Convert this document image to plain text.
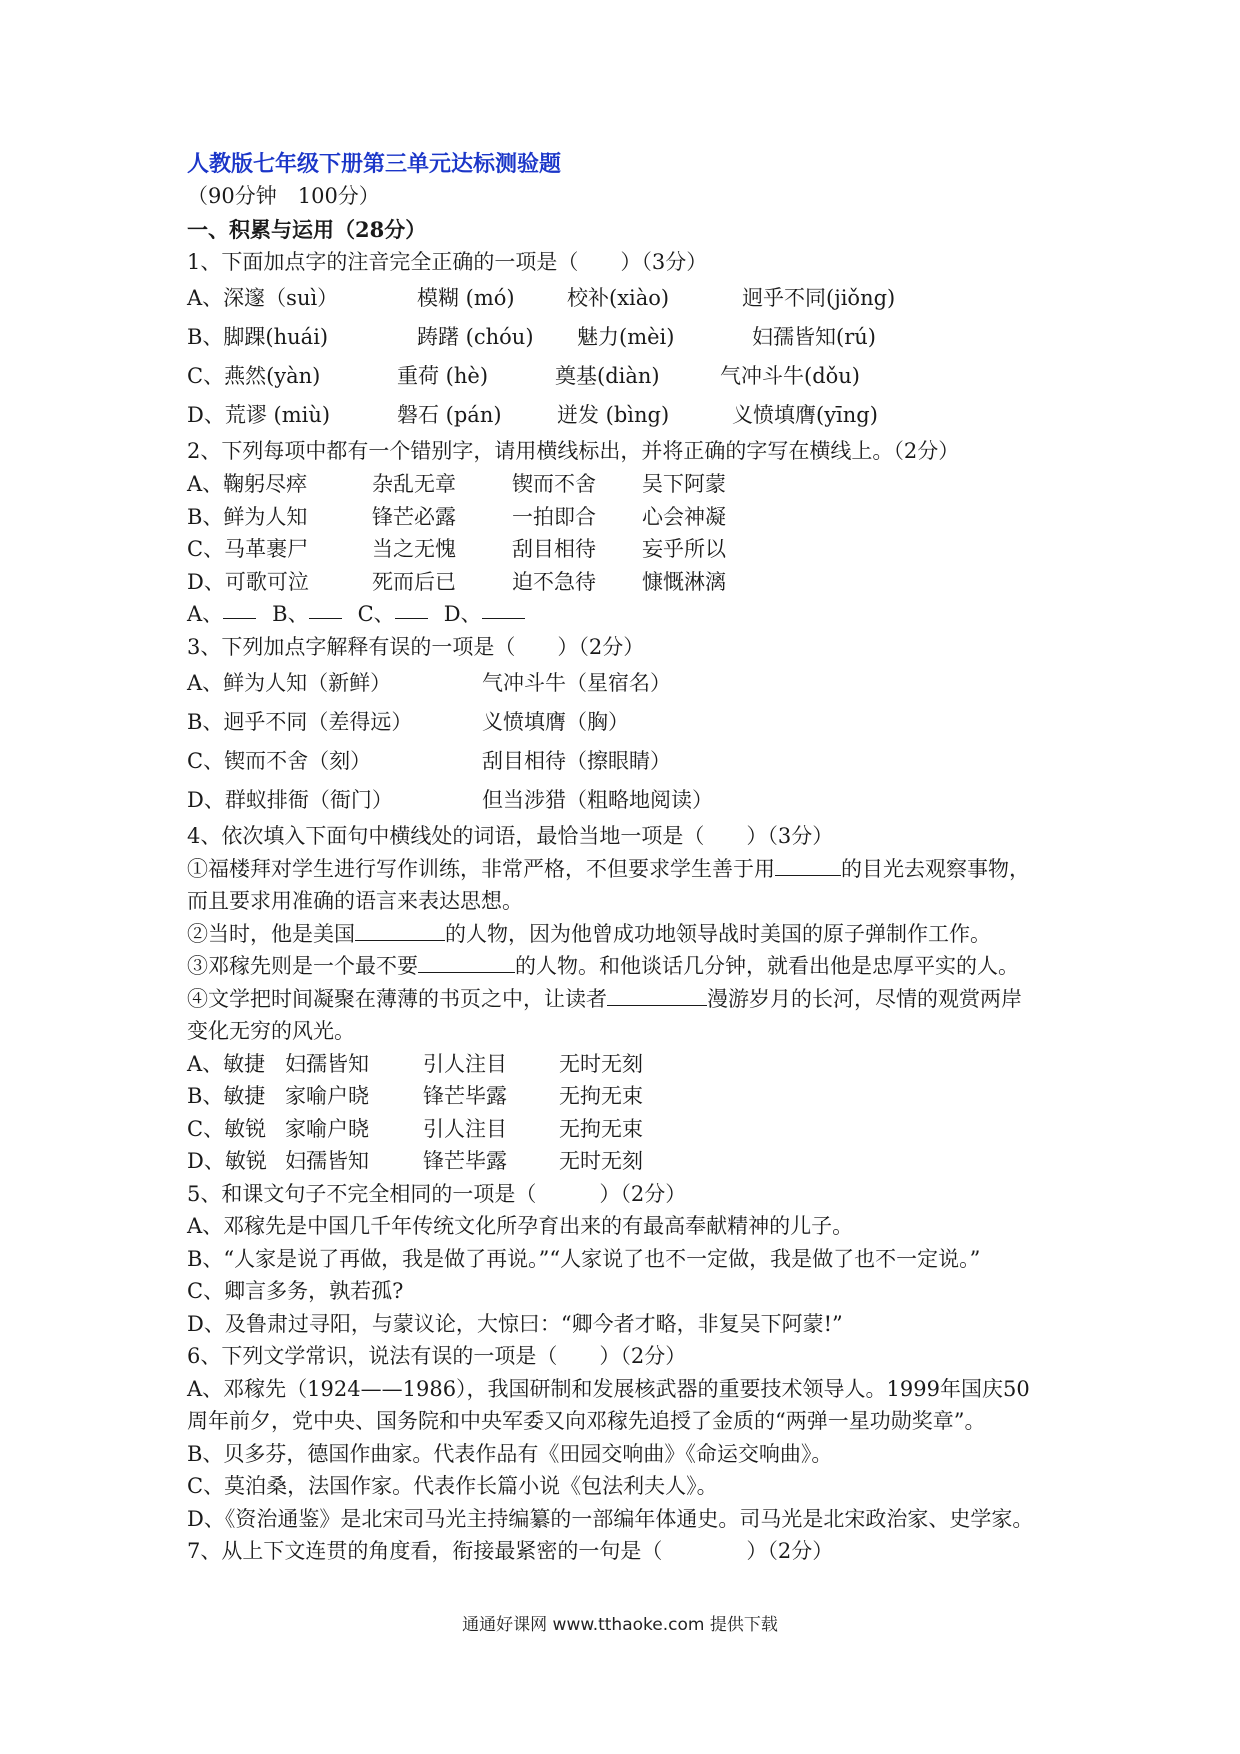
人教版七年级下册第三单元达标测验题
（90分钟　100分）
一、积累与运用（28分）
1、下面加点字的注音完全正确的一项是（　　）（3分）
A、深邃（suì）	模糊 (mó)	校补(xiào)	迥乎不同(jiǒng)
B、脚踝(huái)	踌躇 (chóu)	魅力(mèi)	妇孺皆知(rú)
C、燕然(yàn)	重荷 (hè)	奠基(diàn)	气冲斗牛(dǒu)
D、荒谬 (miù)	磐石 (pán)	迸发 (bìng)	义愤填膺(yīng)
2、下列每项中都有一个错别字，请用横线标出，并将正确的字写在横线上。（2分）
A、鞠躬尽瘁	杂乱无章	锲而不舍	吴下阿蒙
B、鲜为人知	锋芒必露	一拍即合	心会神凝
C、马革裹尸	当之无愧	刮目相待	妄乎所以
D、可歌可泣	死而后已	迫不急待	慷慨淋漓
A、 B、 C、 D、
3、下列加点字解释有误的一项是（　　）（2分）
A、鲜为人知（新鲜）	气冲斗牛（星宿名）
B、迥乎不同（差得远）	义愤填膺（胸）
C、锲而不舍（刻）	刮目相待（擦眼睛）
D、群蚁排衙（衙门）	但当涉猎（粗略地阅读）
4、依次填入下面句中横线处的词语，最恰当地一项是（　　）（3分）
①福楼拜对学生进行写作训练，非常严格，不但要求学生善于用	的目光去观察事物，
而且要求用准确的语言来表达思想。
②当时，他是美国	的人物，因为他曾成功地领导战时美国的原子弹制作工作。
③邓稼先则是一个最不要	的人物。和他谈话几分钟，就看出他是忠厚平实的人。
④文学把时间凝聚在薄薄的书页之中，让读者	漫游岁月的长河，尽情的观赏两岸
变化无穷的风光。
A、敏捷 妇孺皆知	引人注目	无时无刻
B、敏捷 家喻户晓	锋芒毕露	无拘无束
C、敏锐 家喻户晓	引人注目	无拘无束
D、敏锐 妇孺皆知	锋芒毕露	无时无刻
5、和课文句子不完全相同的一项是（　　　）（2分）
A、邓稼先是中国几千年传统文化所孕育出来的有最高奉献精神的儿子。
B、“人家是说了再做，我是做了再说。”“人家说了也不一定做，我是做了也不一定说。”
C、卿言多务，孰若孤?
D、及鲁肃过寻阳，与蒙议论，大惊曰：“卿今者才略，非复吴下阿蒙!”
6、下列文学常识，说法有误的一项是（　　）（2分）
A、邓稼先（1924——1986），我国研制和发展核武器的重要技术领导人。1999年国庆50
周年前夕，党中央、国务院和中央军委又向邓稼先追授了金质的“两弹一星功勋奖章”。
B、贝多芬，德国作曲家。代表作品有《田园交响曲》《命运交响曲》。
C、莫泊桑，法国作家。代表作长篇小说《包法利夫人》。
D、《资治通鉴》是北宋司马光主持编纂的一部编年体通史。司马光是北宋政治家、史学家。
7、从上下文连贯的角度看，衔接最紧密的一句是（　　　　）（2分）
通通好课网 www.tthaoke.com 提供下载
